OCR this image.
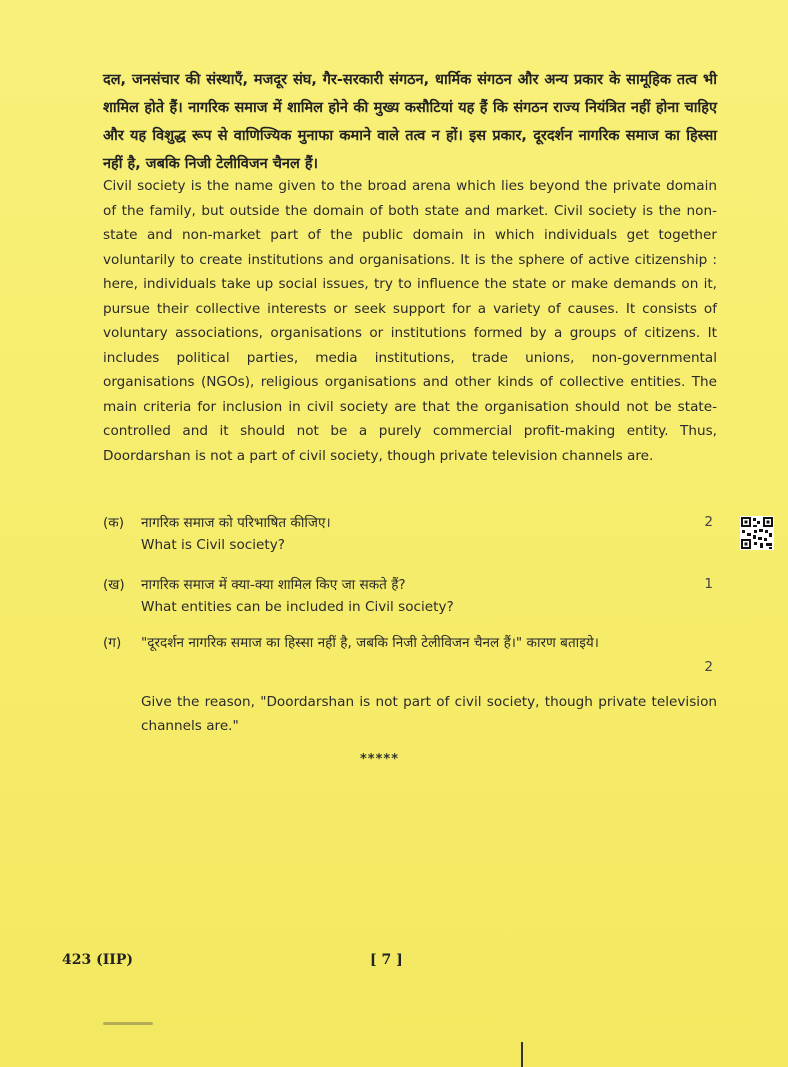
दल, जनसंचार की संस्थाएँ, मजदूर संघ, गैर-सरकारी संगठन, धार्मिक संगठन और अन्य प्रकार के सामूहिक तत्व भी शामिल होते हैं। नागरिक समाज में शामिल होने की मुख्य कसौटियां यह हैं कि संगठन राज्य नियंत्रित नहीं होना चाहिए और यह विशुद्ध रूप से वाणिज्यिक मुनाफा कमाने वाले तत्व न हों। इस प्रकार, दूरदर्शन नागरिक समाज का हिस्सा नहीं है, जबकि निजी टेलीविजन चैनल हैं।
Civil society is the name given to the broad arena which lies beyond the private domain of the family, but outside the domain of both state and market. Civil society is the non-state and non-market part of the public domain in which individuals get together voluntarily to create institutions and organisations. It is the sphere of active citizenship : here, individuals take up social issues, try to influence the state or make demands on it, pursue their collective interests or seek support for a variety of causes. It consists of voluntary associations, organisations or institutions formed by a groups of citizens. It includes political parties, media institutions, trade unions, non-governmental organisations (NGOs), religious organisations and other kinds of collective entities. The main criteria for inclusion in civil society are that the organisation should not be state-controlled and it should not be a purely commercial profit-making entity. Thus, Doordarshan is not a part of civil society, though private television channels are.
(क) नागरिक समाज को परिभाषित कीजिए।	2
What is Civil society?
(ख) नागरिक समाज में क्या-क्या शामिल किए जा सकते हैं?	1
What entities can be included in Civil society?
(ग) "दूरदर्शन नागरिक समाज का हिस्सा नहीं है, जबकि निजी टेलीविजन चैनल हैं।" कारण बताइये।
2
Give the reason, "Doordarshan is not part of civil society, though private television channels are."
*****
423 (IIP)	[ 7 ]
